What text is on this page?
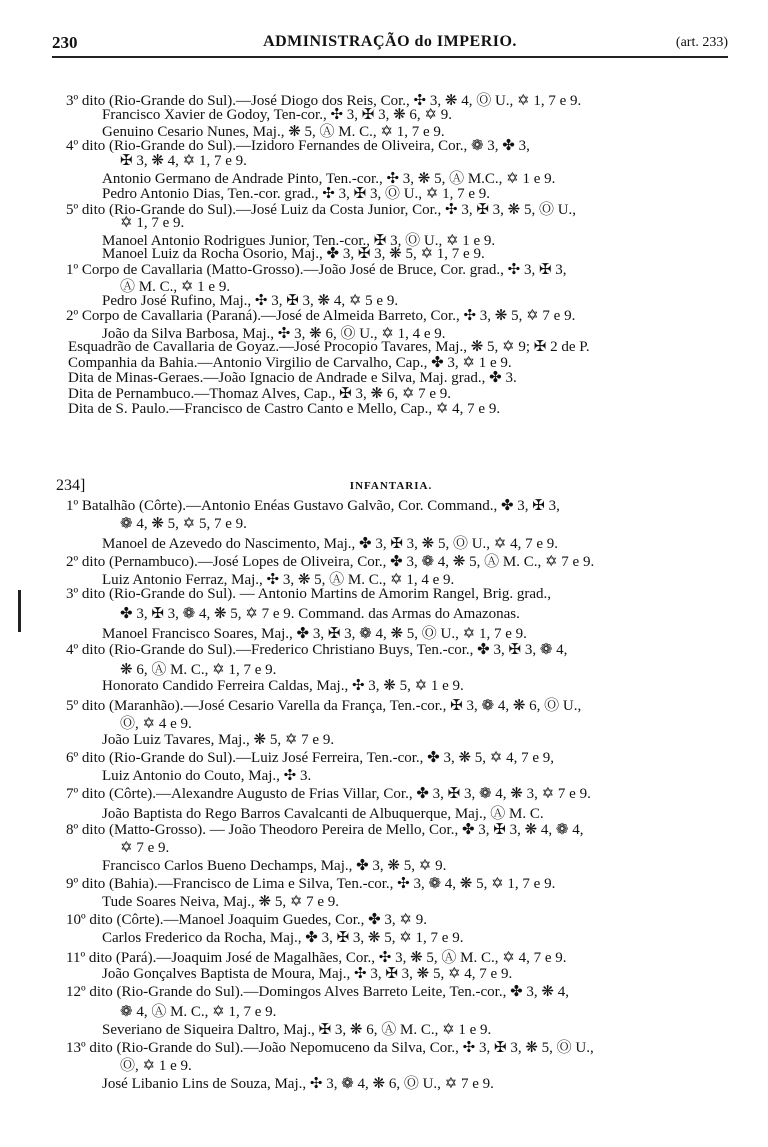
230	ADMINISTRAÇÃO do IMPERIO.	(art. 233)
3º dito (Rio-Grande do Sul).—José Diogo dos Reis, Cor., ✣ 3, ❋ 4, Ⓞ U., ✡ 1, 7 e 9.
Francisco Xavier de Godoy, Ten-cor., ✣ 3, ✠ 3, ❋ 6, ✡ 9.
Genuino Cesario Nunes, Maj., ❋ 5, Ⓐ M. C., ✡ 1, 7 e 9.
4º dito (Rio-Grande do Sul).—Izidoro Fernandes de Oliveira, Cor., ❁ 3, ✤ 3,
✠ 3, ❋ 4, ✡ 1, 7 e 9.
Antonio Germano de Andrade Pinto, Ten.-cor., ✣ 3, ❋ 5, Ⓐ M.C., ✡ 1 e 9.
Pedro Antonio Dias, Ten.-cor. grad., ✣ 3, ✠ 3, Ⓞ U., ✡ 1, 7 e 9.
5º dito (Rio-Grande do Sul).—José Luiz da Costa Junior, Cor., ✣ 3, ✠ 3, ❋ 5, Ⓞ U.,
✡ 1, 7 e 9.
Manoel Antonio Rodrigues Junior, Ten.-cor., ✠ 3, Ⓞ U., ✡ 1 e 9.
Manoel Luiz da Rocha Osorio, Maj., ✤ 3, ✠ 3, ❋ 5, ✡ 1, 7 e 9.
1º Corpo de Cavallaria (Matto-Grosso).—João José de Bruce, Cor. grad., ✣ 3, ✠ 3,
Ⓐ M. C., ✡ 1 e 9.
Pedro José Rufino, Maj., ✣ 3, ✠ 3, ❋ 4, ✡ 5 e 9.
2º Corpo de Cavallaria (Paraná).—José de Almeida Barreto, Cor., ✣ 3, ❋ 5, ✡ 7 e 9.
João da Silva Barbosa, Maj., ✣ 3, ❋ 6, Ⓞ U., ✡ 1, 4 e 9.
Esquadrão de Cavallaria de Goyaz.—José Procopio Tavares, Maj., ❋ 5, ✡ 9; ✠ 2 de P.
Companhia da Bahia.—Antonio Virgilio de Carvalho, Cap., ✤ 3, ✡ 1 e 9.
Dita de Minas-Geraes.—João Ignacio de Andrade e Silva, Maj. grad., ✤ 3.
Dita de Pernambuco.—Thomaz Alves, Cap., ✠ 3, ❋ 6, ✡ 7 e 9.
Dita de S. Paulo.—Francisco de Castro Canto e Mello, Cap., ✡ 4, 7 e 9.
234]	INFANTARIA.
1º Batalhão (Côrte).—Antonio Enéas Gustavo Galvão, Cor. Command., ✤ 3, ✠ 3,
❁ 4, ❋ 5, ✡ 5, 7 e 9.
Manoel de Azevedo do Nascimento, Maj., ✤ 3, ✠ 3, ❋ 5, Ⓞ U., ✡ 4, 7 e 9.
2º dito (Pernambuco).—José Lopes de Oliveira, Cor., ✤ 3, ❁ 4, ❋ 5, Ⓐ M. C., ✡ 7 e 9.
Luiz Antonio Ferraz, Maj., ✣ 3, ❋ 5, Ⓐ M. C., ✡ 1, 4 e 9.
3º dito (Rio-Grande do Sul). — Antonio Martins de Amorim Rangel, Brig. grad.,
✤ 3, ✠ 3, ❁ 4, ❋ 5, ✡ 7 e 9. Command. das Armas do Amazonas.
Manoel Francisco Soares, Maj., ✤ 3, ✠ 3, ❁ 4, ❋ 5, Ⓞ U., ✡ 1, 7 e 9.
4º dito (Rio-Grande do Sul).—Frederico Christiano Buys, Ten.-cor., ✤ 3, ✠ 3, ❁ 4,
❋ 6, Ⓐ M. C., ✡ 1, 7 e 9.
Honorato Candido Ferreira Caldas, Maj., ✣ 3, ❋ 5, ✡ 1 e 9.
5º dito (Maranhão).—José Cesario Varella da França, Ten.-cor., ✠ 3, ❁ 4, ❋ 6, Ⓞ U.,
Ⓞ, ✡ 4 e 9.
João Luiz Tavares, Maj., ❋ 5, ✡ 7 e 9.
6º dito (Rio-Grande do Sul).—Luiz José Ferreira, Ten.-cor., ✤ 3, ❋ 5, ✡ 4, 7 e 9,
Luiz Antonio do Couto, Maj., ✣ 3.
7º dito (Côrte).—Alexandre Augusto de Frias Villar, Cor., ✤ 3, ✠ 3, ❁ 4, ❋ 3, ✡ 7 e 9.
João Baptista do Rego Barros Cavalcanti de Albuquerque, Maj., Ⓐ M. C.
8º dito (Matto-Grosso). — João Theodoro Pereira de Mello, Cor., ✤ 3, ✠ 3, ❋ 4, ❁ 4,
✡ 7 e 9.
Francisco Carlos Bueno Dechamps, Maj., ✤ 3, ❋ 5, ✡ 9.
9º dito (Bahia).—Francisco de Lima e Silva, Ten.-cor., ✣ 3, ❁ 4, ❋ 5, ✡ 1, 7 e 9.
Tude Soares Neiva, Maj., ❋ 5, ✡ 7 e 9.
10º dito (Côrte).—Manoel Joaquim Guedes, Cor., ✤ 3, ✡ 9.
Carlos Frederico da Rocha, Maj., ✤ 3, ✠ 3, ❋ 5, ✡ 1, 7 e 9.
11º dito (Pará).—Joaquim José de Magalhães, Cor., ✣ 3, ❋ 5, Ⓐ M. C., ✡ 4, 7 e 9.
João Gonçalves Baptista de Moura, Maj., ✣ 3, ✠ 3, ❋ 5, ✡ 4, 7 e 9.
12º dito (Rio-Grande do Sul).—Domingos Alves Barreto Leite, Ten.-cor., ✤ 3, ❋ 4,
❁ 4, Ⓐ M. C., ✡ 1, 7 e 9.
Severiano de Siqueira Daltro, Maj., ✠ 3, ❋ 6, Ⓐ M. C., ✡ 1 e 9.
13º dito (Rio-Grande do Sul).—João Nepomuceno da Silva, Cor., ✣ 3, ✠ 3, ❋ 5, Ⓞ U.,
Ⓞ, ✡ 1 e 9.
José Libanio Lins de Souza, Maj., ✣ 3, ❁ 4, ❋ 6, Ⓞ U., ✡ 7 e 9.
